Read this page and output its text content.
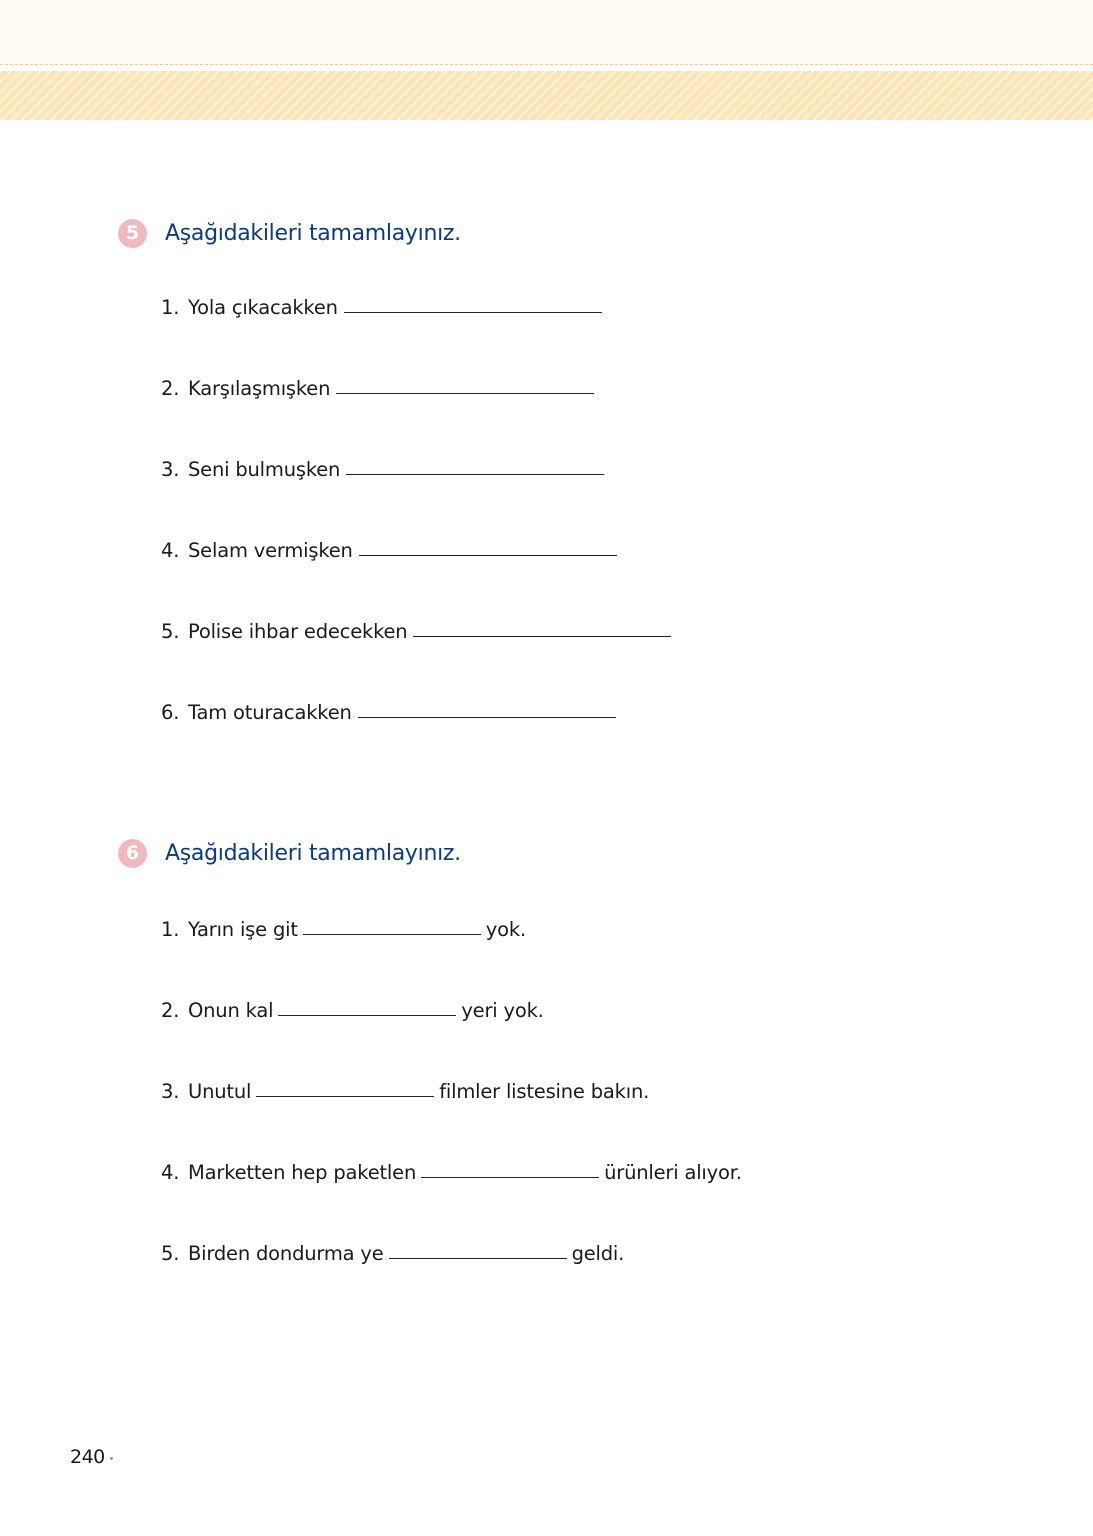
5	Aşağıdakileri tamamlayınız.
1. Yola çıkacakken
2. Karşılaşmışken
3. Seni bulmuşken
4. Selam vermişken
5. Polise ihbar edecekken
6. Tam oturacakken
6	Aşağıdakileri tamamlayınız.
1. Yarın işe git	yok.
2. Onun kal	yeri yok.
3. Unutul	filmler listesine bakın.
4. Marketten hep paketlen	ürünleri alıyor.
5. Birden dondurma ye	geldi.
240
